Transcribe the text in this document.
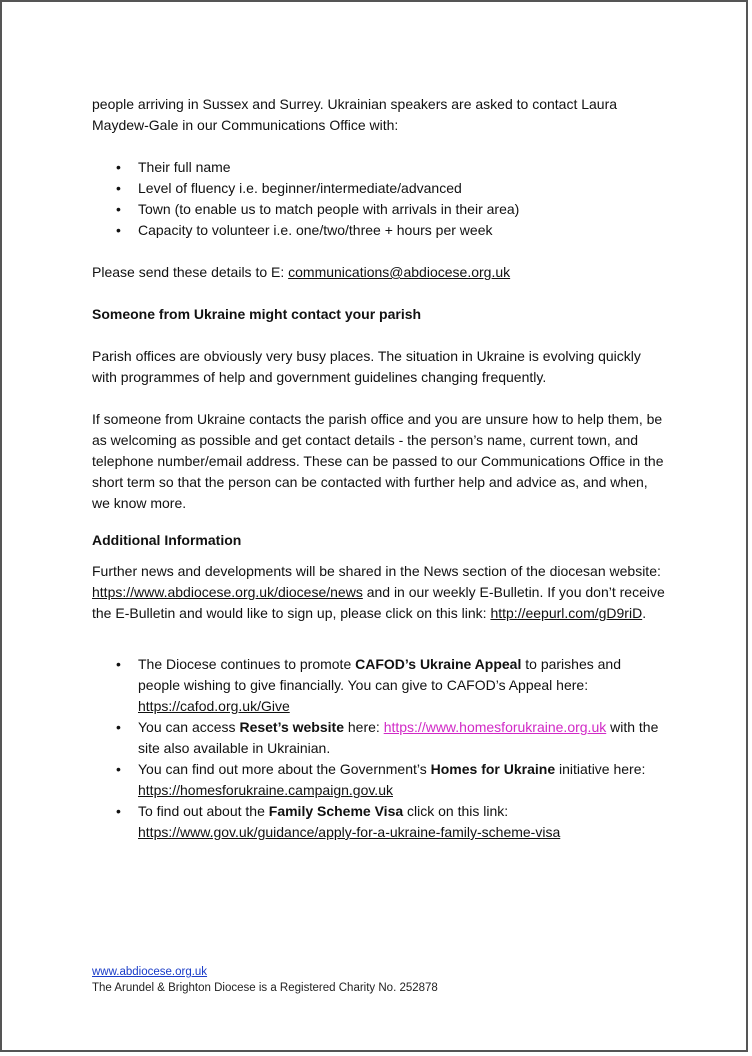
people arriving in Sussex and Surrey. Ukrainian speakers are asked to contact Laura Maydew-Gale in our Communications Office with:

• Their full name
• Level of fluency i.e. beginner/intermediate/advanced
• Town (to enable us to match people with arrivals in their area)
• Capacity to volunteer i.e. one/two/three + hours per week

Please send these details to E: communications@abdiocese.org.uk

Someone from Ukraine might contact your parish

Parish offices are obviously very busy places. The situation in Ukraine is evolving quickly with programmes of help and government guidelines changing frequently.

If someone from Ukraine contacts the parish office and you are unsure how to help them, be as welcoming as possible and get contact details - the person’s name, current town, and telephone number/email address. These can be passed to our Communications Office in the short term so that the person can be contacted with further help and advice as, and when, we know more.

Additional Information

Further news and developments will be shared in the News section of the diocesan website: https://www.abdiocese.org.uk/diocese/news and in our weekly E-Bulletin. If you don’t receive the E-Bulletin and would like to sign up, please click on this link: http://eepurl.com/gD9riD.

• The Diocese continues to promote CAFOD’s Ukraine Appeal to parishes and people wishing to give financially. You can give to CAFOD’s Appeal here: https://cafod.org.uk/Give
• You can access Reset’s website here: https://www.homesforukraine.org.uk with the site also available in Ukrainian.
• You can find out more about the Government’s Homes for Ukraine initiative here: https://homesforukraine.campaign.gov.uk
• To find out about the Family Scheme Visa click on this link: https://www.gov.uk/guidance/apply-for-a-ukraine-family-scheme-visa
www.abdiocese.org.uk
The Arundel & Brighton Diocese is a Registered Charity No. 252878
